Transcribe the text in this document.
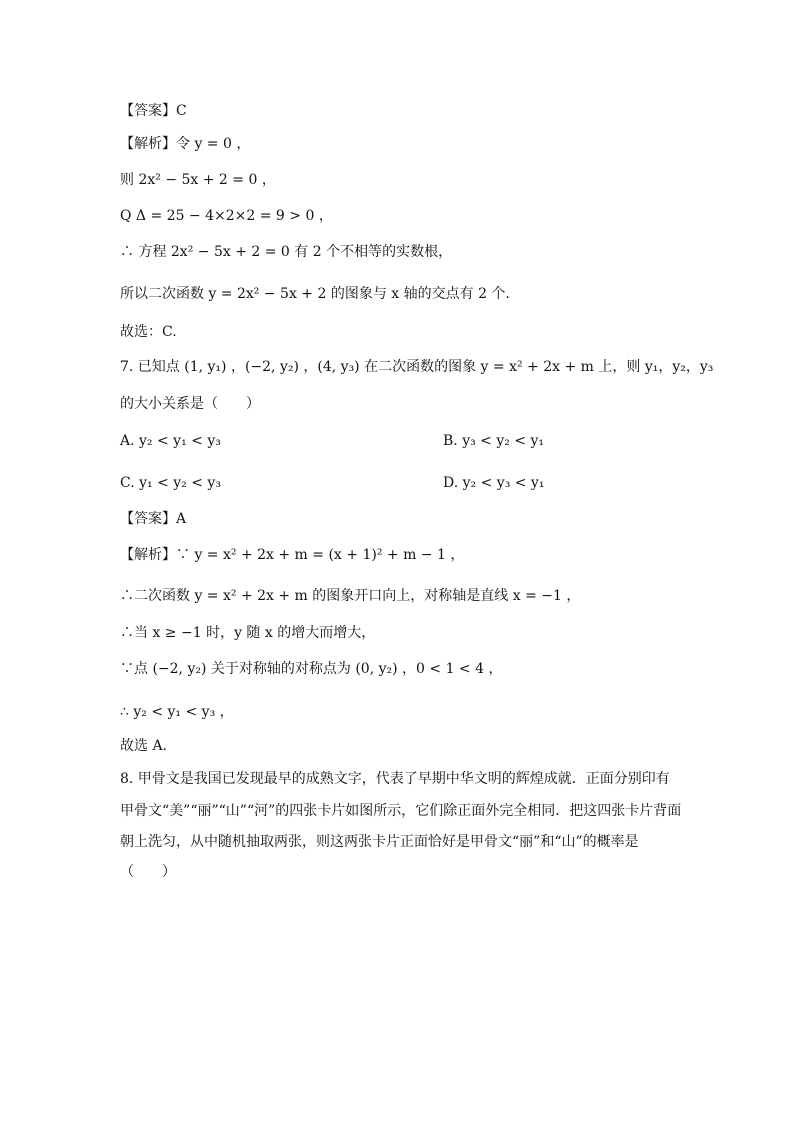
【答案】C
【解析】令 y = 0 ，
则 2x² − 5x + 2 = 0 ，
Q Δ = 25 − 4×2×2 = 9 > 0 ，
∴ 方程 2x² − 5x + 2 = 0 有 2 个不相等的实数根，
所以二次函数 y = 2x² − 5x + 2 的图象与 x 轴的交点有 2 个.
故选：C.
7. 已知点 (1, y₁) ，(−2, y₂) ，(4, y₃) 在二次函数的图象 y = x² + 2x + m 上，则 y₁，y₂，y₃
的大小关系是（　　）
A. y₂ < y₁ < y₃	B. y₃ < y₂ < y₁
C. y₁ < y₂ < y₃	D. y₂ < y₃ < y₁
【答案】A
【解析】∵ y = x² + 2x + m = (x + 1)² + m − 1 ，
∴二次函数 y = x² + 2x + m 的图象开口向上，对称轴是直线 x = −1 ，
∴当 x ≥ −1 时，y 随 x 的增大而增大，
∵点 (−2, y₂) 关于对称轴的对称点为 (0, y₂) ，0 < 1 < 4 ，
∴ y₂ < y₁ < y₃ ，
故选 A.
8. 甲骨文是我国已发现最早的成熟文字，代表了早期中华文明的辉煌成就．正面分别印有
甲骨文“美”“丽”“山”“河”的四张卡片如图所示，它们除正面外完全相同．把这四张卡片背面
朝上洗匀，从中随机抽取两张，则这两张卡片正面恰好是甲骨文“丽”和“山”的概率是
（　　）
